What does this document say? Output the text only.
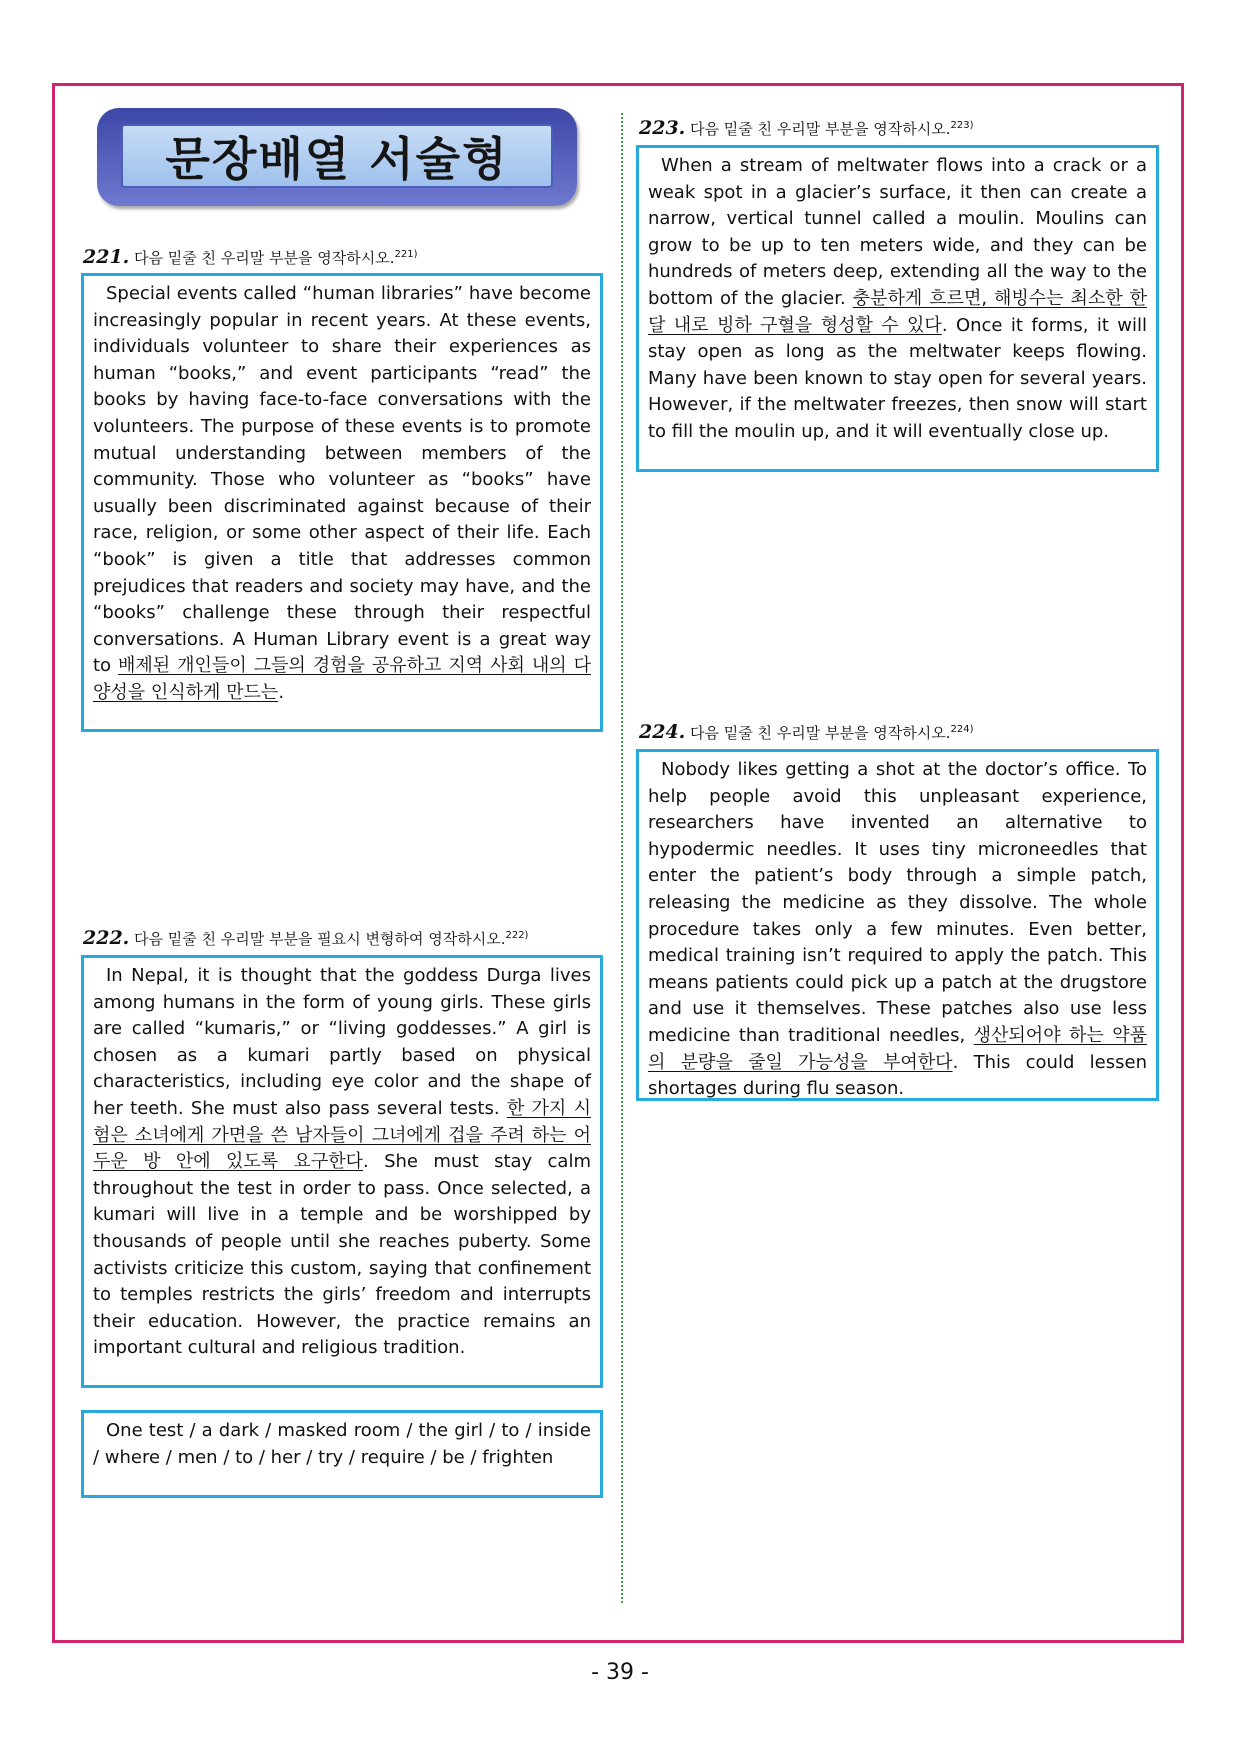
문장배열 서술형
221. 다음 밑줄 친 우리말 부분을 영작하시오.$^{221)}$
Special events called “human libraries” have become increasingly popular in recent years. At these events, individuals volunteer to share their experiences as human “books,” and event participants “read” the books by having face-to-face conversations with the volunteers. The purpose of these events is to promote mutual understanding between members of the community. Those who volunteer as “books” have usually been discriminated against because of their race, religion, or some other aspect of their life. Each “book” is given a title that addresses common prejudices that readers and society may have, and the “books” challenge these through their respectful conversations. A Human Library event is a great way to 배제된 개인들이 그들의 경험을 공유하고 지역 사회 내의 다양성을 인식하게 만드는.
222. 다음 밑줄 친 우리말 부분을 필요시 변형하여 영작하시오.$^{222)}$
In Nepal, it is thought that the goddess Durga lives among humans in the form of young girls. These girls are called “kumaris,” or “living goddesses.” A girl is chosen as a kumari partly based on physical characteristics, including eye color and the shape of her teeth. She must also pass several tests. 한 가지 시험은 소녀에게 가면을 쓴 남자들이 그녀에게 겁을 주려 하는 어두운 방 안에 있도록 요구한다. She must stay calm throughout the test in order to pass. Once selected, a kumari will live in a temple and be worshipped by thousands of people until she reaches puberty. Some activists criticize this custom, saying that confinement to temples restricts the girls’ freedom and interrupts their education. However, the practice remains an important cultural and religious tradition.
One test / a dark / masked room / the girl / to / inside / where / men / to / her / try / require / be / frighten
223. 다음 밑줄 친 우리말 부분을 영작하시오.$^{223)}$
When a stream of meltwater flows into a crack or a weak spot in a glacier’s surface, it then can create a narrow, vertical tunnel called a moulin. Moulins can grow to be up to ten meters wide, and they can be hundreds of meters deep, extending all the way to the bottom of the glacier. 충분하게 흐르면, 해빙수는 최소한 한 달 내로 빙하 구혈을 형성할 수 있다. Once it forms, it will stay open as long as the meltwater keeps flowing. Many have been known to stay open for several years. However, if the meltwater freezes, then snow will start to fill the moulin up, and it will eventually close up.
224. 다음 밑줄 친 우리말 부분을 영작하시오.$^{224)}$
Nobody likes getting a shot at the doctor’s office. To help people avoid this unpleasant experience, researchers have invented an alternative to hypodermic needles. It uses tiny microneedles that enter the patient’s body through a simple patch, releasing the medicine as they dissolve. The whole procedure takes only a few minutes. Even better, medical training isn’t required to apply the patch. This means patients could pick up a patch at the drugstore and use it themselves. These patches also use less medicine than traditional needles, 생산되어야 하는 약품의 분량을 줄일 가능성을 부여한다. This could lessen shortages during flu season.
- 39 -
